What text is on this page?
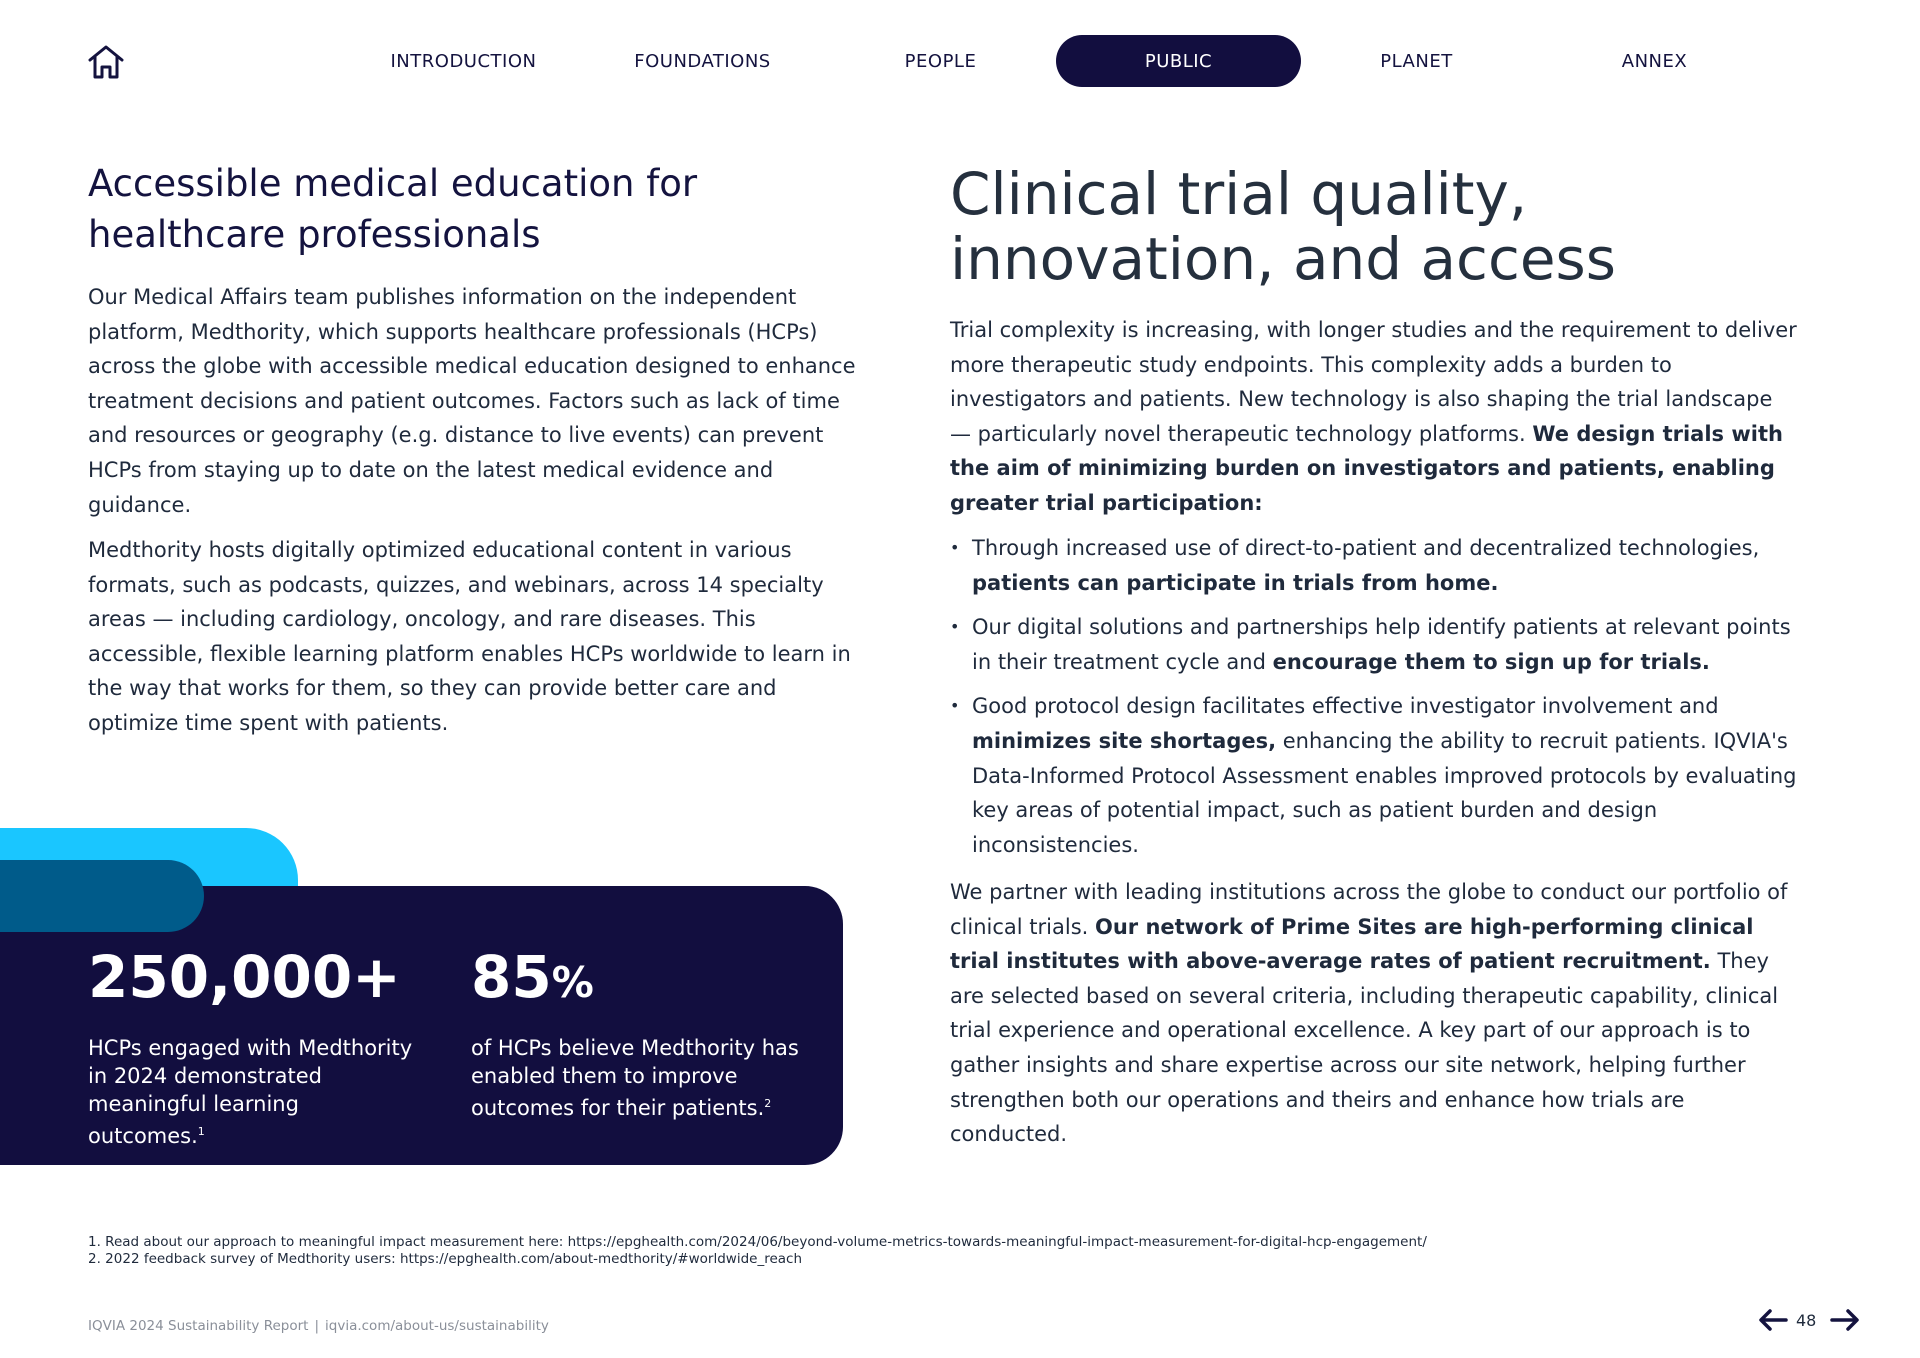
INTRODUCTION	FOUNDATIONS	PEOPLE	PUBLIC	PLANET	ANNEX
Accessible medical education for healthcare professionals

Our Medical Affairs team publishes information on the independent platform, Medthority, which supports healthcare professionals (HCPs) across the globe with accessible medical education designed to enhance treatment decisions and patient outcomes. Factors such as lack of time and resources or geography (e.g. distance to live events) can prevent HCPs from staying up to date on the latest medical evidence and guidance.

Medthority hosts digitally optimized educational content in various formats, such as podcasts, quizzes, and webinars, across 14 specialty areas — including cardiology, oncology, and rare diseases. This accessible, flexible learning platform enables HCPs worldwide to learn in the way that works for them, so they can provide better care and optimize time spent with patients.

250,000+
HCPs engaged with Medthority in 2024 demonstrated meaningful learning outcomes.$^1$
85%
of HCPs believe Medthority has enabled them to improve outcomes for their patients.$^2$
Clinical trial quality, innovation, and access

Trial complexity is increasing, with longer studies and the requirement to deliver more therapeutic study endpoints. This complexity adds a burden to investigators and patients. New technology is also shaping the trial landscape — particularly novel therapeutic technology platforms. We design trials with the aim of minimizing burden on investigators and patients, enabling greater trial participation:

• Through increased use of direct-to-patient and decentralized technologies, patients can participate in trials from home.
• Our digital solutions and partnerships help identify patients at relevant points in their treatment cycle and encourage them to sign up for trials.
• Good protocol design facilitates effective investigator involvement and minimizes site shortages, enhancing the ability to recruit patients. IQVIA's Data-Informed Protocol Assessment enables improved protocols by evaluating key areas of potential impact, such as patient burden and design inconsistencies.

We partner with leading institutions across the globe to conduct our portfolio of clinical trials. Our network of Prime Sites are high-performing clinical trial institutes with above-average rates of patient recruitment. They are selected based on several criteria, including therapeutic capability, clinical trial experience and operational excellence. A key part of our approach is to gather insights and share expertise across our site network, helping further strengthen both our operations and theirs and enhance how trials are conducted.

1. Read about our approach to meaningful impact measurement here: https://epghealth.com/2024/06/beyond-volume-metrics-towards-meaningful-impact-measurement-for-digital-hcp-engagement/
2. 2022 feedback survey of Medthority users: https://epghealth.com/about-medthority/#worldwide_reach
IQVIA 2024 Sustainability Report | iqvia.com/about-us/sustainability	48
